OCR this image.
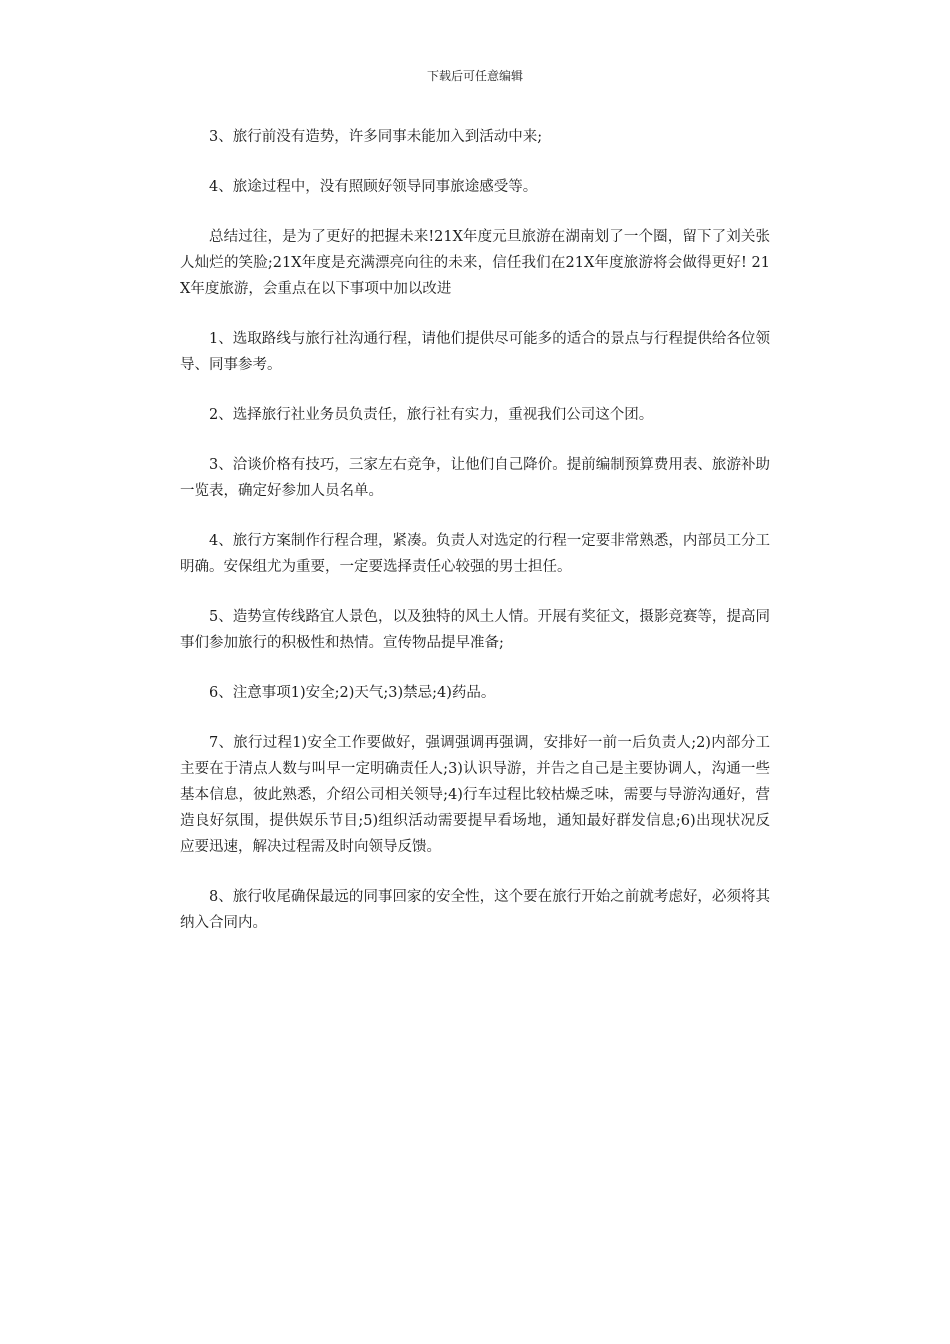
下载后可任意编辑

3、旅行前没有造势，许多同事未能加入到活动中来;

4、旅途过程中，没有照顾好领导同事旅途感受等。

总结过往，是为了更好的把握未来!21X年度元旦旅游在湖南划了一个圈，留下了刘关张人灿烂的笑脸;21X年度是充满漂亮向往的未来，信任我们在21X年度旅游将会做得更好! 21X年度旅游，会重点在以下事项中加以改进

1、选取路线与旅行社沟通行程，请他们提供尽可能多的适合的景点与行程提供给各位领导、同事参考。

2、选择旅行社业务员负责任，旅行社有实力，重视我们公司这个团。

3、洽谈价格有技巧，三家左右竞争，让他们自己降价。提前编制预算费用表、旅游补助一览表，确定好参加人员名单。

4、旅行方案制作行程合理，紧凑。负责人对选定的行程一定要非常熟悉，内部员工分工明确。安保组尤为重要，一定要选择责任心较强的男士担任。

5、造势宣传线路宜人景色，以及独特的风土人情。开展有奖征文，摄影竞赛等，提高同事们参加旅行的积极性和热情。宣传物品提早准备;

6、注意事项1)安全;2)天气;3)禁忌;4)药品。

7、旅行过程1)安全工作要做好，强调强调再强调，安排好一前一后负责人;2)内部分工主要在于清点人数与叫早一定明确责任人;3)认识导游，并告之自己是主要协调人，沟通一些基本信息，彼此熟悉，介绍公司相关领导;4)行车过程比较枯燥乏味，需要与导游沟通好，营造良好氛围，提供娱乐节目;5)组织活动需要提早看场地，通知最好群发信息;6)出现状况反应要迅速，解决过程需及时向领导反馈。

8、旅行收尾确保最远的同事回家的安全性，这个要在旅行开始之前就考虑好，必须将其纳入合同内。
